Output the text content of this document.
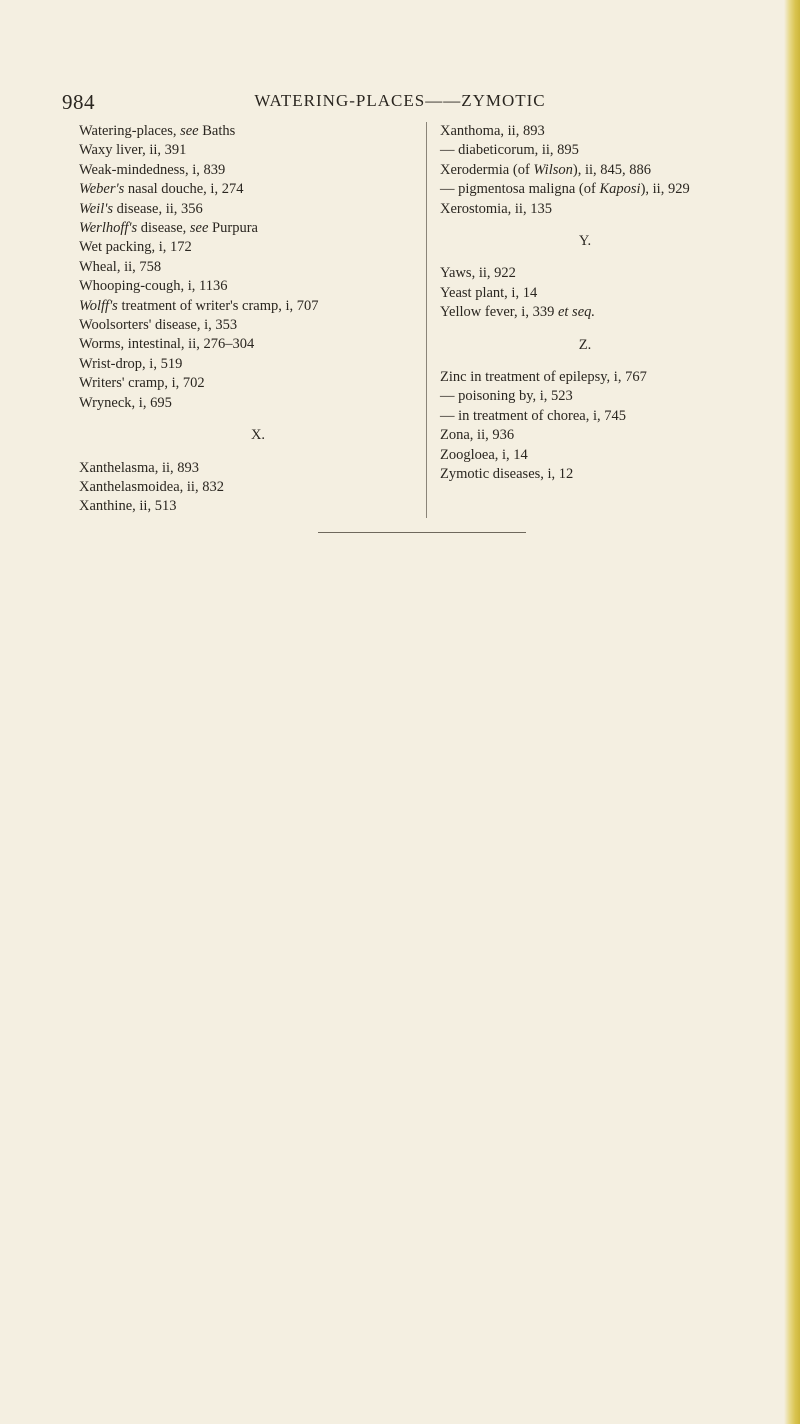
984	WATERING-PLACES——ZYMOTIC
Watering-places, see Baths
Waxy liver, ii, 391
Weak-mindedness, i, 839
Weber's nasal douche, i, 274
Weil's disease, ii, 356
Werlhoff's disease, see Purpura
Wet packing, i, 172
Wheal, ii, 758
Whooping-cough, i, 1136
Wolff's treatment of writer's cramp, i, 707
Woolsorters' disease, i, 353
Worms, intestinal, ii, 276–304
Wrist-drop, i, 519
Writers' cramp, i, 702
Wryneck, i, 695
X.
Xanthelasma, ii, 893
Xanthelasmoidea, ii, 832
Xanthine, ii, 513
Xanthoma, ii, 893
— diabeticorum, ii, 895
Xerodermia (of Wilson), ii, 845, 886
— pigmentosa maligna (of Kaposi), ii, 929
Xerostomia, ii, 135
Y.
Yaws, ii, 922
Yeast plant, i, 14
Yellow fever, i, 339 et seq.
Z.
Zinc in treatment of epilepsy, i, 767
— poisoning by, i, 523
— in treatment of chorea, i, 745
Zona, ii, 936
Zoogloea, i, 14
Zymotic diseases, i, 12
